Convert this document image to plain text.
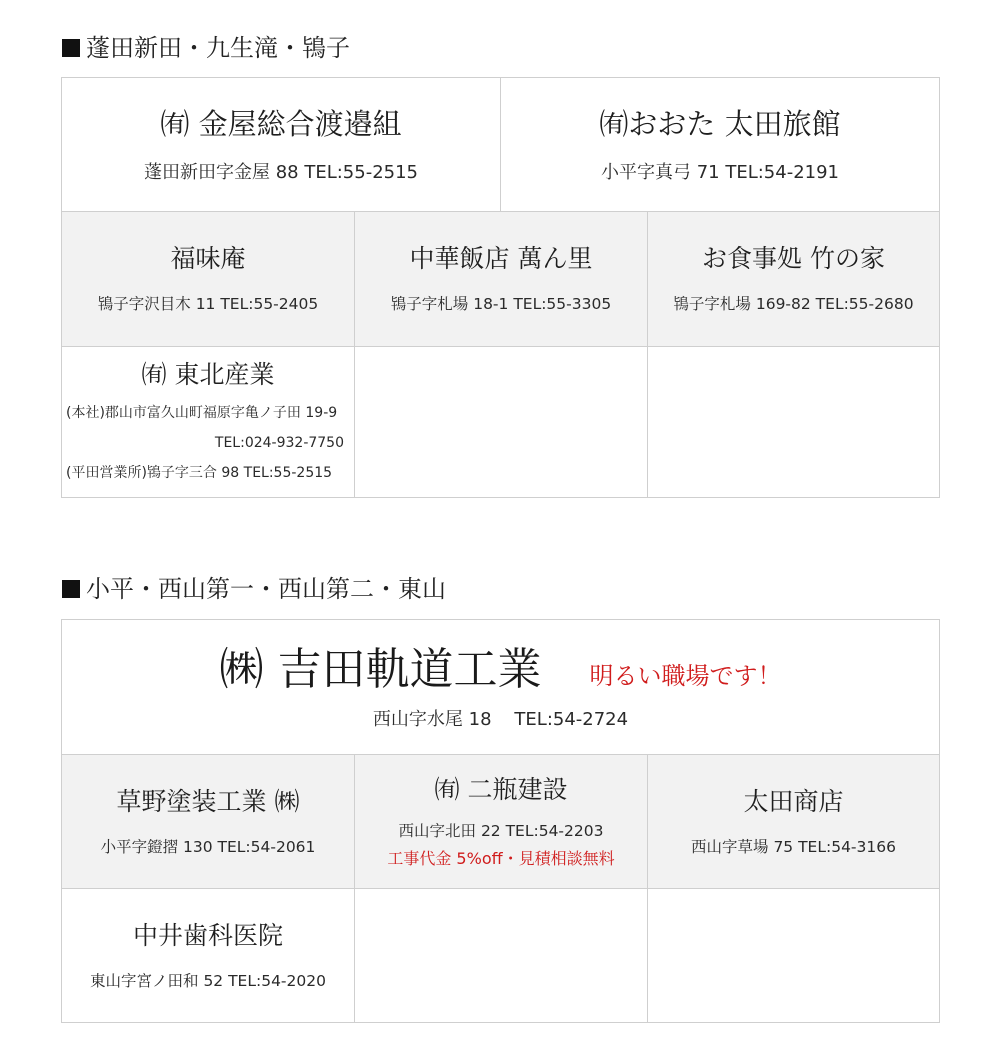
蓬田新田・九生滝・鴇子
㈲ 金屋総合渡邉組
蓬田新田字金屋 88 TEL:55-2515
㈲おおた 太田旅館
小平字真弓 71 TEL:54-2191
福味庵
鴇子字沢目木 11 TEL:55-2405
中華飯店 萬ん里
鴇子字札場 18-1 TEL:55-3305
お食事処 竹の家
鴇子字札場 169-82 TEL:55-2680
㈲ 東北産業
(本社)郡山市富久山町福原字亀ノ子田 19-9
TEL:024-932-7750
(平田営業所)鴇子字三合 98 TEL:55-2515
小平・西山第一・西山第二・東山
㈱ 吉田軌道工業 明るい職場です！
西山字水尾 18    TEL:54-2724
草野塗装工業 ㈱
小平字鐙摺 130 TEL:54-2061
㈲ 二瓶建設
西山字北田 22 TEL:54-2203
工事代金 5%off・見積相談無料
太田商店
西山字草場 75 TEL:54-3166
中井歯科医院
東山字宮ノ田和 52 TEL:54-2020
